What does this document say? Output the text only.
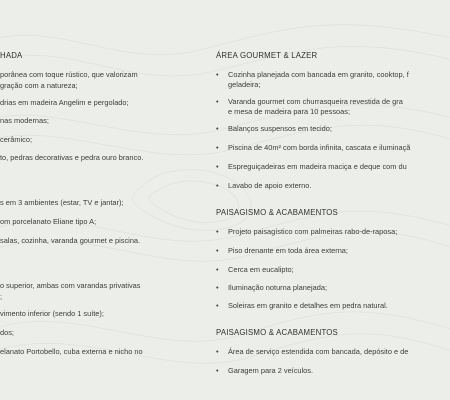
HADA
porânea com toque rústico, que valorizam
gração com a natureza;
drias em madeira Angelim e pergolado;
nas modernas;
cerâmico;
to, pedras decorativas e pedra ouro branco.
s em 3 ambientes (estar, TV e jantar);
om porcelanato Eliane tipo A;
salas, cozinha, varanda gourmet e piscina.
o superior, ambas com varandas privativas
;
vimento inferior (sendo 1 suíte);
dos;
elanato Portobello, cuba externa e nicho no
ÁREA GOURMET & LAZER
• Cozinha planejada com bancada em granito, cooktop, f
geladeira;
• Varanda gourmet com churrasqueira revestida de gra
e mesa de madeira para 10 pessoas;
• Balanços suspensos em tecido;
• Piscina de 40m² com borda infinita, cascata e iluminaçã
• Espreguiçadeiras em madeira maciça e deque com du
• Lavabo de apoio externo.
PAISAGISMO & ACABAMENTOS
• Projeto paisagístico com palmeiras rabo-de-raposa;
• Piso drenante em toda área externa;
• Cerca em eucalipto;
• Iluminação noturna planejada;
• Soleiras em granito e detalhes em pedra natural.
PAISAGISMO & ACABAMENTOS
• Área de serviço estendida com bancada, depósito e de
• Garagem para 2 veículos.
